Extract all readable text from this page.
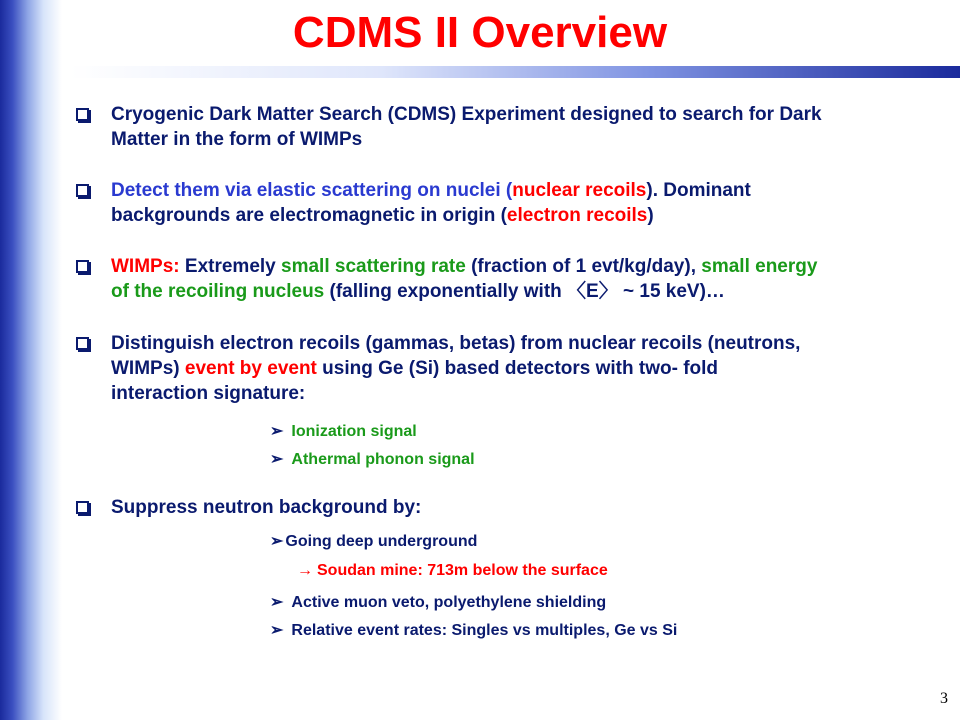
CDMS II Overview
Cryogenic Dark Matter Search (CDMS) Experiment designed to search for Dark
Matter in the form of WIMPs
Detect them via elastic scattering on nuclei (nuclear recoils). Dominant
backgrounds are electromagnetic in origin (electron recoils)
WIMPs: Extremely small scattering rate (fraction of 1 evt/kg/day), small energy
of the recoiling nucleus (falling exponentially with 〈E〉 ~ 15 keV)…
Distinguish electron recoils (gammas, betas) from nuclear recoils (neutrons,
WIMPs) event by event using Ge (Si) based detectors with two- fold
interaction signature:
➢ Ionization signal
➢ Athermal phonon signal
Suppress neutron background by:
➢ Going deep underground
→ Soudan mine: 713m below the surface
➢ Active muon veto, polyethylene shielding
➢ Relative event rates: Singles vs multiples, Ge vs Si
3
